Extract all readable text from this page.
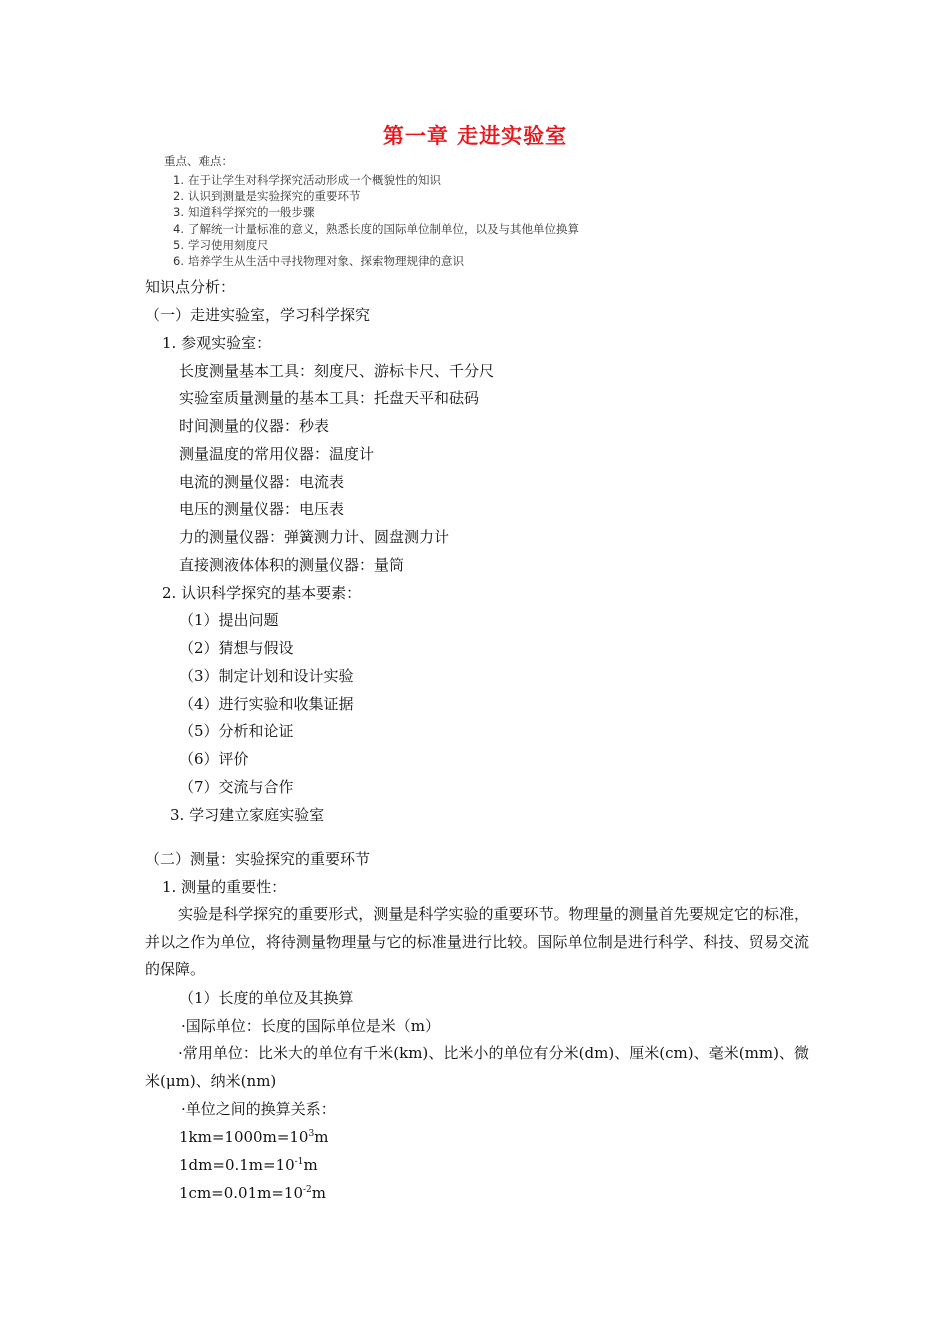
第一章 走进实验室
重点、难点：
1. 在于让学生对科学探究活动形成一个概貌性的知识
2. 认识到测量是实验探究的重要环节
3. 知道科学探究的一般步骤
4. 了解统一计量标准的意义，熟悉长度的国际单位制单位，以及与其他单位换算
5. 学习使用刻度尺
6. 培养学生从生活中寻找物理对象、探索物理规律的意识
知识点分析：
（一）走进实验室，学习科学探究
1. 参观实验室：
长度测量基本工具：刻度尺、游标卡尺、千分尺
实验室质量测量的基本工具：托盘天平和砝码
时间测量的仪器：秒表
测量温度的常用仪器：温度计
电流的测量仪器：电流表
电压的测量仪器：电压表
力的测量仪器：弹簧测力计、圆盘测力计
直接测液体体积的测量仪器：量筒
2. 认识科学探究的基本要素：
（1）提出问题
（2）猜想与假设
（3）制定计划和设计实验
（4）进行实验和收集证据
（5）分析和论证
（6）评价
（7）交流与合作
3. 学习建立家庭实验室
（二）测量：实验探究的重要环节
1. 测量的重要性：
实验是科学探究的重要形式，测量是科学实验的重要环节。物理量的测量首先要规定它的标准，并以之作为单位，将待测量物理量与它的标准量进行比较。国际单位制是进行科学、科技、贸易交流的保障。
（1）长度的单位及其换算
·国际单位：长度的国际单位是米（m）
·常用单位：比米大的单位有千米(km)、比米小的单位有分米(dm)、厘米(cm)、毫米(mm)、微米(μm)、纳米(nm)
·单位之间的换算关系：
$1km=1000m=10^3m$
$1dm=0.1m=10^{-1}m$
$1cm=0.01m=10^{-2}m$
